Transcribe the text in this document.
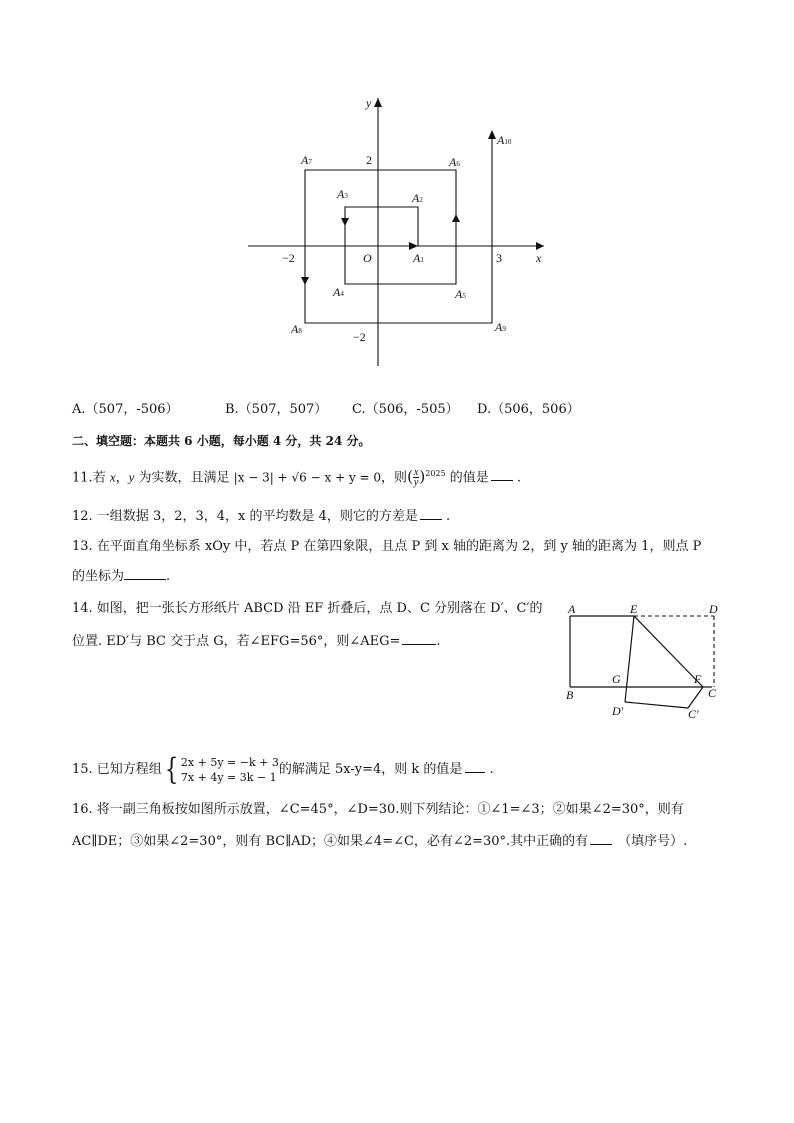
y
x
O
−2	3
2
−2
A1
A2
A3
A4	A5
A6
A7
A8	A9
A10
A.（507，-506）	B.（507，507） C.（506，-505） D.（506，506）
二、填空题：本题共 6 小题，每小题 4 分，共 24 分。
11.若 x，y 为实数，且满足 |x − 3| + √6 − x + y = 0，则( $\frac{x}{y} )^{2025}$ 的值是 .
12. 一组数据 3，2，3，4，x 的平均数是 4，则它的方差是 .
13. 在平面直角坐标系 xOy 中，若点 P 在第四象限，且点 P 到 x 轴的距离为 2，到 y 轴的距离为 1，则点 P
的坐标为	.
14. 如图，把一张长方形纸片 ABCD 沿 EF 折叠后，点 D、C 分别落在 D′、C′的
位置. ED′与 BC 交于点 G，若∠EFG=56°，则∠AEG=	.
A	E	D
B
G	F
C
D′	C′
15. 已知方程组{ 2x + 5y = −k + 3
7x + 4y = 3k − 1 的解满足 5x-y=4，则 k 的值是 .
16. 将一副三角板按如图所示放置，∠C=45°，∠D=30.则下列结论：①∠1=∠3；②如果∠2=30°，则有
AC∥DE；③如果∠2=30°，则有 BC∥AD；④如果∠4=∠C，必有∠2=30°.其中正确的有 （填序号）.
